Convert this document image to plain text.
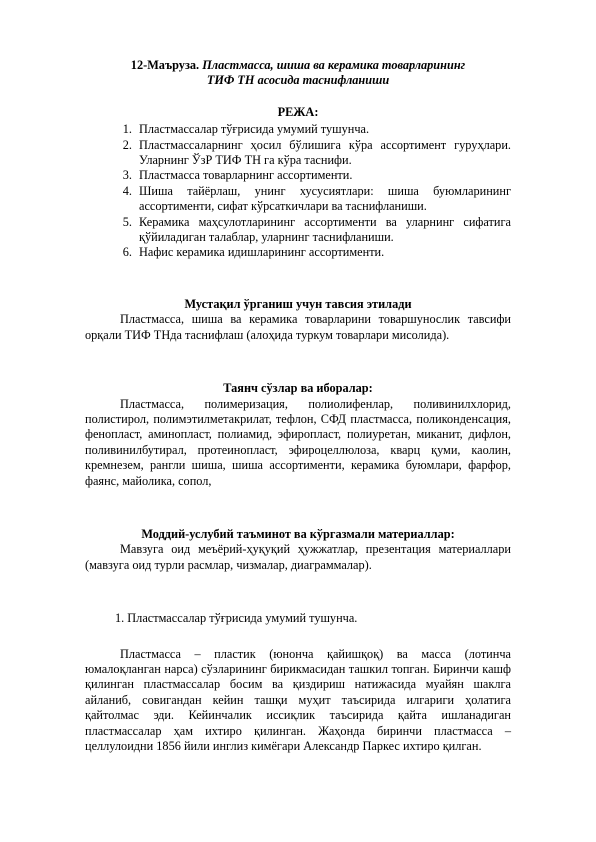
12-Маъруза. Пластмасса, шиша ва керамика товарларининг
ТИФ ТН асосида таснифланиши
РЕЖА:
1. Пластмассалар тўғрисида умумий тушунча.
2. Пластмассаларнинг ҳосил бўлишига кўра ассортимент гуруҳлари. Уларнинг ЎзР ТИФ ТН га кўра таснифи.
3. Пластмасса товарларнинг ассортименти.
4. Шиша тайёрлаш, унинг хусусиятлари: шиша буюмларининг ассортименти, сифат кўрсаткичлари ва таснифланиши.
5. Керамика маҳсулотларининг ассортименти ва уларнинг сифатига қўйиладиган талаблар, уларнинг таснифланиши.
6. Нафис керамика идишларининг ассортименти.
Мустақил ўрганиш учун тавсия этилади

Пластмасса, шиша ва керамика товарларини товаршунослик тавсифи орқали ТИФ ТНда таснифлаш (алоҳида туркум товарлари мисолида).

Таянч сўзлар ва иборалар:

Пластмасса, полимеризация, полиолифенлар, поливинилхлорид, полистирол, полимэтилметакрилат, тефлон, СФД пластмасса, поликонденсация, фенопласт, аминопласт, полиамид, эфиропласт, полиуретан, миканит, дифлон, поливинилбутирал, протеинопласт, эфироцеллюлоза, кварц қуми, каолин, кремнезем, рангли шиша, шиша ассортименти, керамика буюмлари, фарфор, фаянс, майолика, сопол,

Моддий-услубий таъминот ва кўргазмали материаллар:

Мавзуга оид меъёрий-ҳуқуқий ҳужжатлар, презентация материаллари (мавзуга оид турли расмлар, чизмалар, диаграммалар).

1. Пластмассалар тўғрисида умумий тушунча.

Пластмасса – пластик (юнонча қайишқоқ) ва масса (лотинча юмалоқланган нарса) сўзларининг бирикмасидан ташкил топган. Биринчи кашф қилинган пластмассалар босим ва қиздириш натижасида муайян шаклга айланиб, совигандан кейин ташқи муҳит таъсирида илгариги ҳолатига қайтолмас эди. Кейинчалик иссиқлик таъсирида қайта ишланадиган пластмассалар ҳам ихтиро қилинган. Жаҳонда биринчи пластмасса – целлулоидни 1856 йили инглиз кимёгари Александр Паркес ихтиро қилган.
